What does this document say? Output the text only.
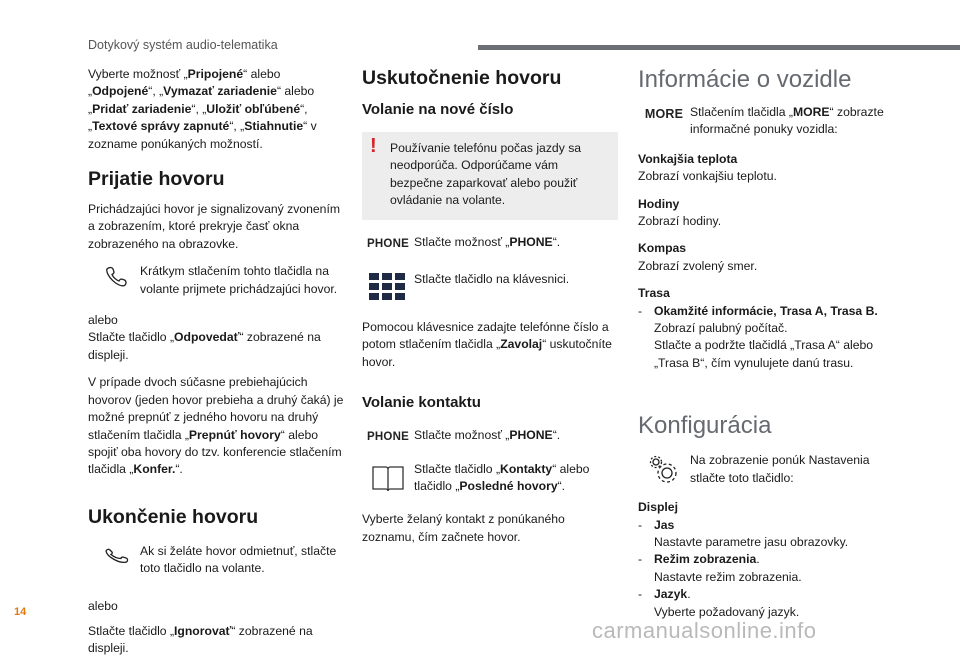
Dotykový systém audio-telematika

Vyberte možnosť „Pripojené“ alebo „Odpojené“, „Vymazať zariadenie“ alebo „Pridať zariadenie“, „Uložiť obľúbené“, „Textové správy zapnuté“, „Stiahnutie“ v zozname ponúkaných možností.

Prijatie hovoru

Prichádzajúci hovor je signalizovaný zvonením a zobrazením, ktoré prekryje časť okna zobrazeného na obrazovke.

Krátkym stlačením tohto tlačidla na volante prijmete prichádzajúci hovor.

alebo

Stlačte tlačidlo „Odpovedať“ zobrazené na displeji.

V prípade dvoch súčasne prebiehajúcich hovorov (jeden hovor prebieha a druhý čaká) je možné prepnúť z jedného hovoru na druhý stlačením tlačidla „Prepnúť hovory“ alebo spojiť oba hovory do tzv. konferencie stlačením tlačidla „Konfer.“.

Ukončenie hovoru
Ak si želáte hovor odmietnuť, stlačte toto tlačidlo na volante.

alebo

Stlačte tlačidlo „Ignorovať“ zobrazené na displeji.

Uskutočnenie hovoru
Volanie na nové číslo
! Používanie telefónu počas jazdy sa neodporúča. Odporúčame vám bezpečne zaparkovať alebo použiť ovládanie na volante.
PHONE Stlačte možnosť „PHONE“.
Stlačte tlačidlo na klávesnici.

Pomocou klávesnice zadajte telefónne číslo a potom stlačením tlačidla „Zavolaj“ uskutočníte hovor.

Volanie kontaktu
PHONE Stlačte možnosť „PHONE“.
Stlačte tlačidlo „Kontakty“ alebo tlačidlo „Posledné hovory“.

Vyberte želaný kontakt z ponúkaného zoznamu, čím začnete hovor.

Informácie o vozidle
MORE Stlačením tlačidla „MORE“ zobrazte informačné ponuky vozidla:
Vonkajšia teplota
Zobrazí vonkajšiu teplotu.
Hodiny
Zobrazí hodiny.
Kompas
Zobrazí zvolený smer.
Trasa
- Okamžité informácie, Trasa A, Trasa B.
Zobrazí palubný počítač.
Stlačte a podržte tlačidlá „Trasa A“ alebo „Trasa B“, čím vynulujete danú trasu.
Konfigurácia
Na zobrazenie ponúk Nastavenia stlačte toto tlačidlo:
Displej
- Jas
Nastavte parametre jasu obrazovky.
- Režim zobrazenia.
Nastavte režim zobrazenia.
- Jazyk.
Vyberte požadovaný jazyk.
14
carmanualsonline.info
